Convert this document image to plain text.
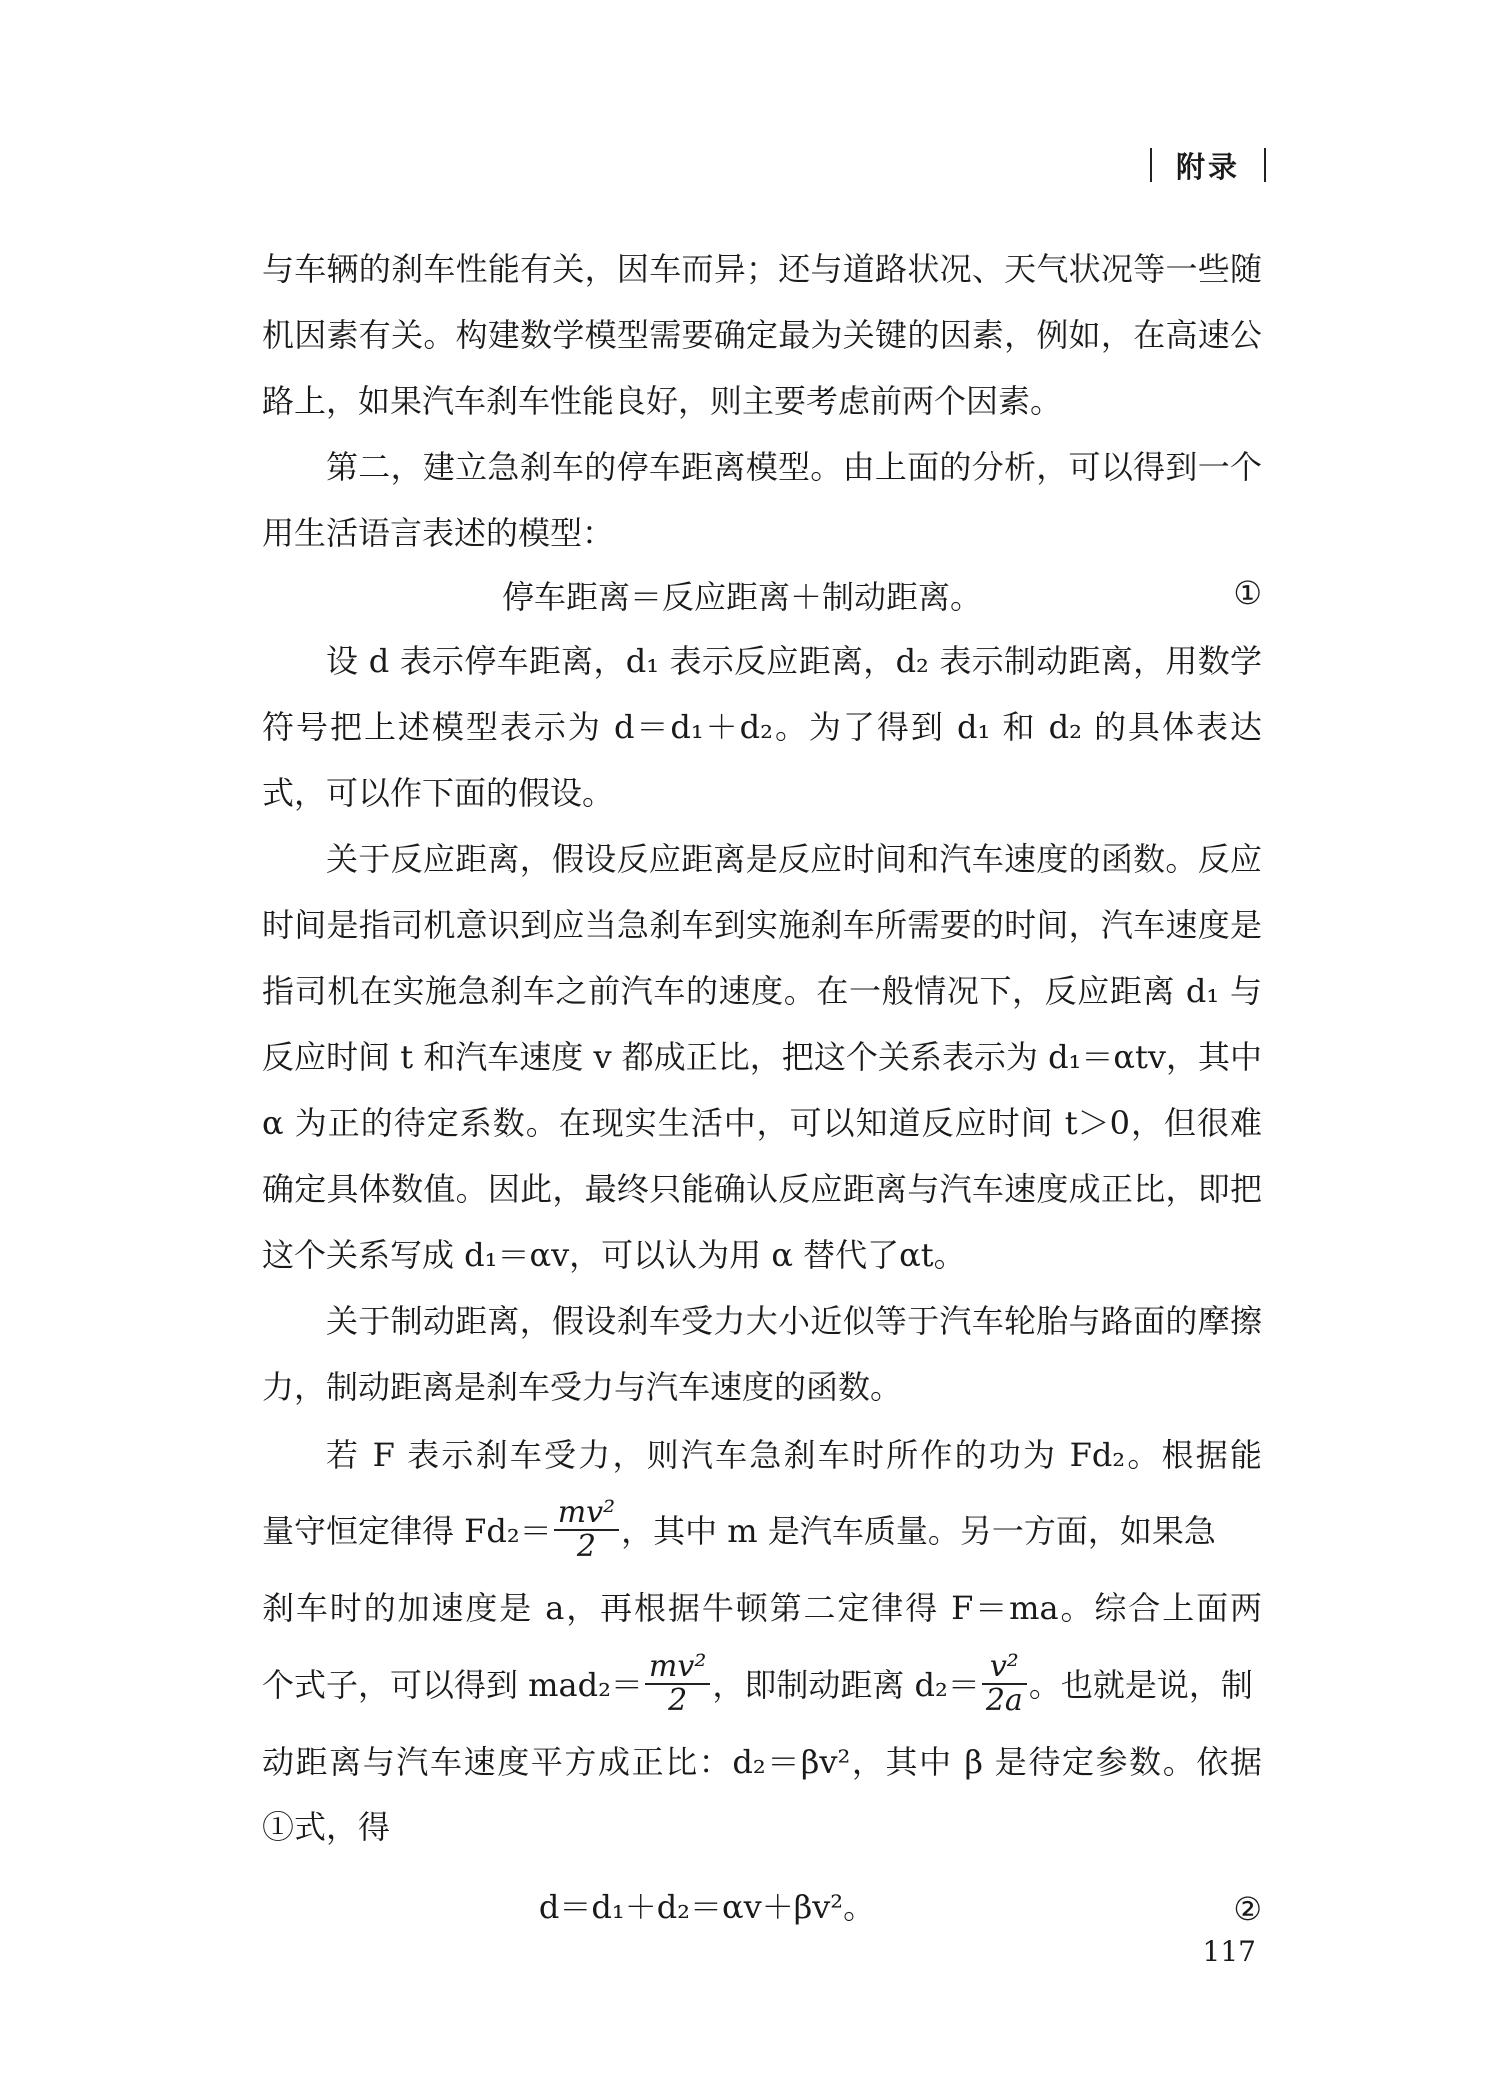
附录

与车辆的刹车性能有关，因车而异；还与道路状况、天气状况等一些随机因素有关。构建数学模型需要确定最为关键的因素，例如，在高速公路上，如果汽车刹车性能良好，则主要考虑前两个因素。

第二，建立急刹车的停车距离模型。由上面的分析，可以得到一个用生活语言表述的模型：

停车距离＝反应距离＋制动距离。	①

设 d 表示停车距离，d₁ 表示反应距离，d₂ 表示制动距离，用数学符号把上述模型表示为 d＝d₁＋d₂。为了得到 d₁ 和 d₂ 的具体表达式，可以作下面的假设。

关于反应距离，假设反应距离是反应时间和汽车速度的函数。反应时间是指司机意识到应当急刹车到实施刹车所需要的时间，汽车速度是指司机在实施急刹车之前汽车的速度。在一般情况下，反应距离 d₁ 与反应时间 t 和汽车速度 v 都成正比，把这个关系表示为 d₁＝αtv，其中 α 为正的待定系数。在现实生活中，可以知道反应时间 t＞0，但很难确定具体数值。因此，最终只能确认反应距离与汽车速度成正比，即把这个关系写成 d₁＝αv，可以认为用 α 替代了αt。

关于制动距离，假设刹车受力大小近似等于汽车轮胎与路面的摩擦力，制动距离是刹车受力与汽车速度的函数。

若 F 表示刹车受力，则汽车急刹车时所作的功为 Fd₂。根据能
量守恒定律得 $Fd_2= \frac{\text{mv²}}{2}$ ，其中 m 是汽车质量。另一方面，如果急
刹车时的加速度是 a，再根据牛顿第二定律得 F＝ma。综合上面两
个式子，可以得到 $mad_2= \frac{\text{mv²}}{2}$ ，即制动距离 $d_2= \frac{\text{v²}}{2a}$ 。也就是说，制
动距离与汽车速度平方成正比：d₂＝βv²，其中 β 是待定参数。依据
①式，得
d＝d₁＋d₂＝αv＋βv²。	②
117
